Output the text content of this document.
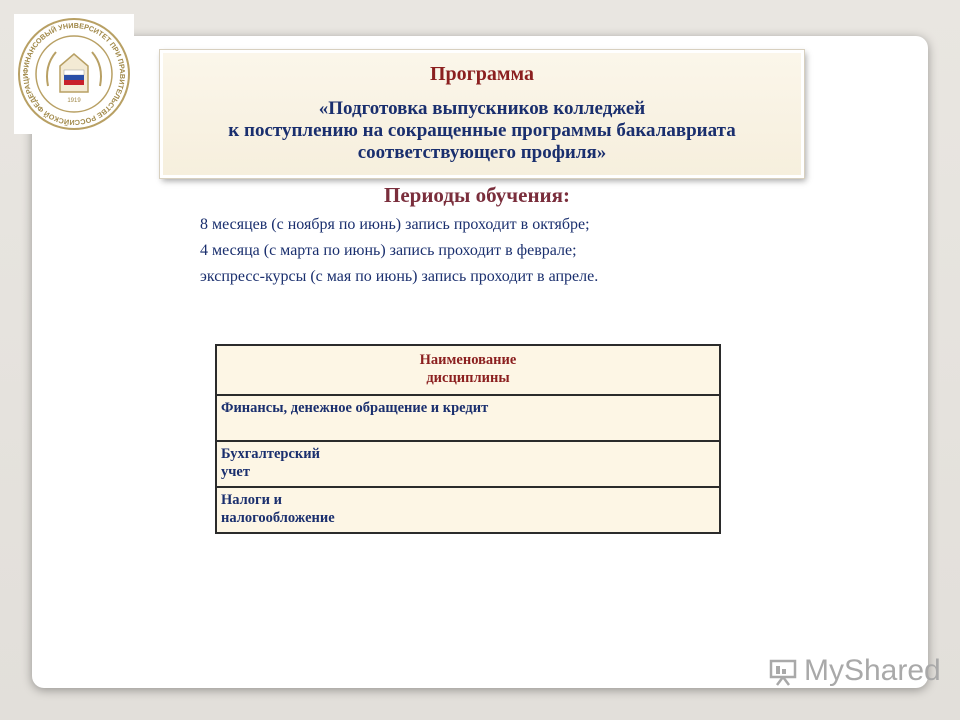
ФИНАНСОВЫЙ УНИВЕРСИТЕТ ПРИ ПРАВИТЕЛЬСТВЕ РОССИЙСКОЙ ФЕДЕРАЦИ
1919
Программа
«Подготовка выпускников колледжей
к поступлению на сокращенные программы бакалавриата
соответствующего профиля»
Периоды обучения:
8 месяцев (с ноября по июнь) запись проходит в октябре;
4 месяца (с марта по июнь) запись проходит в феврале;
экспресс-курсы (с мая по июнь) запись проходит в апреле.
Наименование
дисциплины

Финансы, денежное обращение и кредит

Бухгалтерский
учет

Налоги и
налогообложение
MyShared
